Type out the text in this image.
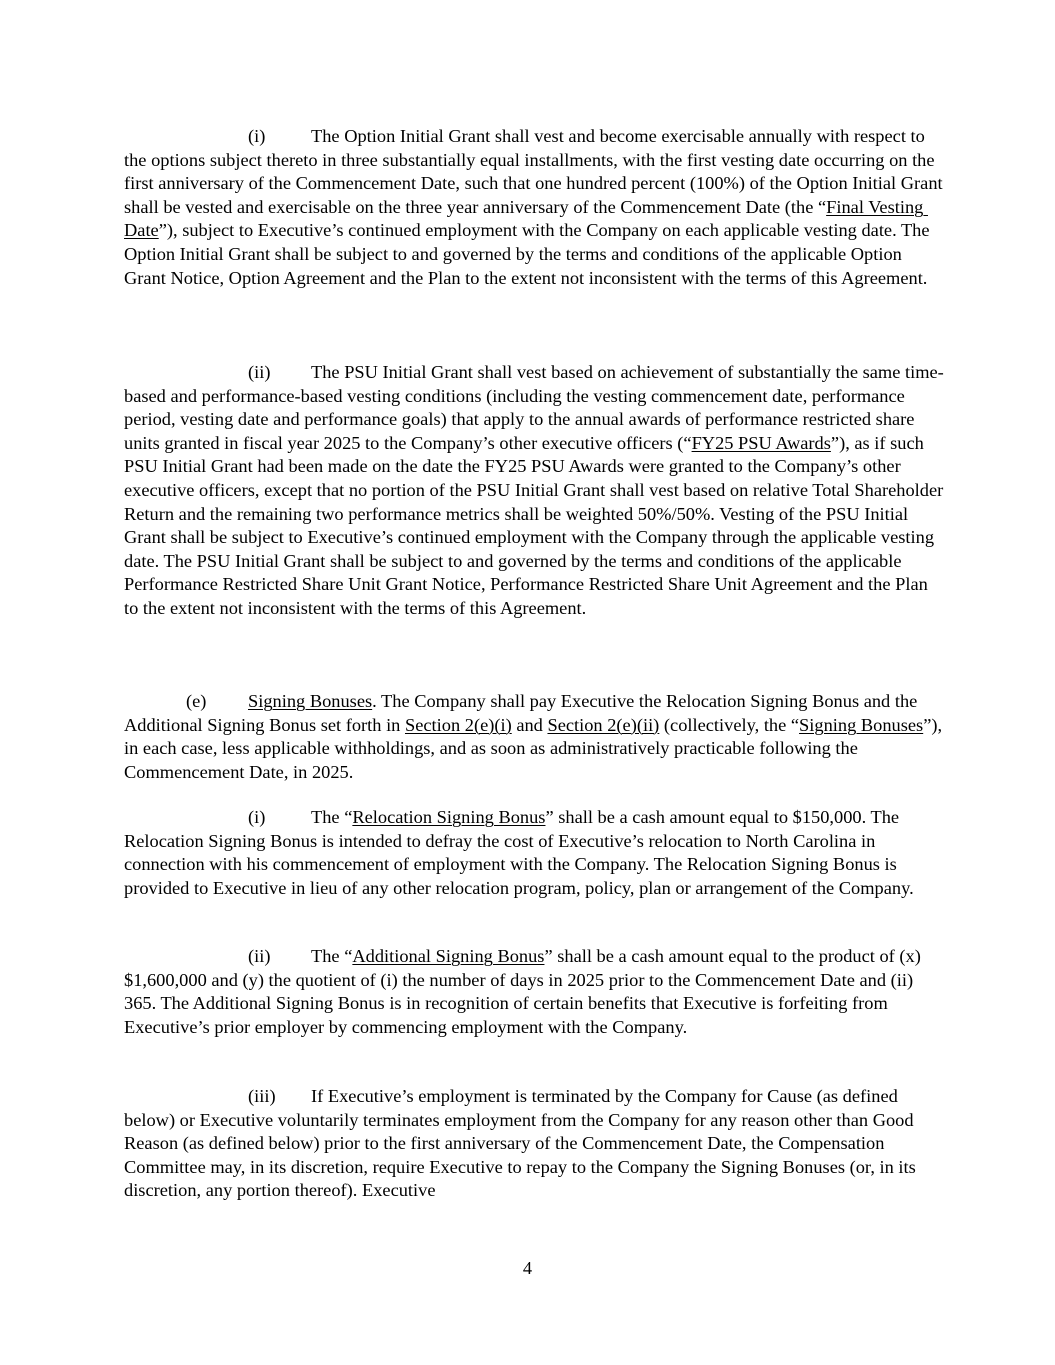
(i) The Option Initial Grant shall vest and become exercisable annually with respect to the options subject thereto in three substantially equal installments, with the first vesting date occurring on the first anniversary of the Commencement Date, such that one hundred percent (100%) of the Option Initial Grant shall be vested and exercisable on the three year anniversary of the Commencement Date (the “Final Vesting Date”), subject to Executive’s continued employment with the Company on each applicable vesting date. The Option Initial Grant shall be subject to and governed by the terms and conditions of the applicable Option Grant Notice, Option Agreement and the Plan to the extent not inconsistent with the terms of this Agreement.

(ii) The PSU Initial Grant shall vest based on achievement of substantially the same time-based and performance-based vesting conditions (including the vesting commencement date, performance period, vesting date and performance goals) that apply to the annual awards of performance restricted share units granted in fiscal year 2025 to the Company’s other executive officers (“FY25 PSU Awards”), as if such PSU Initial Grant had been made on the date the FY25 PSU Awards were granted to the Company’s other executive officers, except that no portion of the PSU Initial Grant shall vest based on relative Total Shareholder Return and the remaining two performance metrics shall be weighted 50%/50%. Vesting of the PSU Initial Grant shall be subject to Executive’s continued employment with the Company through the applicable vesting date. The PSU Initial Grant shall be subject to and governed by the terms and conditions of the applicable Performance Restricted Share Unit Grant Notice, Performance Restricted Share Unit Agreement and the Plan to the extent not inconsistent with the terms of this Agreement.

(e) Signing Bonuses. The Company shall pay Executive the Relocation Signing Bonus and the Additional Signing Bonus set forth in Section 2(e)(i) and Section 2(e)(ii) (collectively, the “Signing Bonuses”), in each case, less applicable withholdings, and as soon as administratively practicable following the Commencement Date, in 2025.

(i) The “Relocation Signing Bonus” shall be a cash amount equal to $150,000. The Relocation Signing Bonus is intended to defray the cost of Executive’s relocation to North Carolina in connection with his commencement of employment with the Company. The Relocation Signing Bonus is provided to Executive in lieu of any other relocation program, policy, plan or arrangement of the Company.

(ii) The “Additional Signing Bonus” shall be a cash amount equal to the product of (x) $1,600,000 and (y) the quotient of (i) the number of days in 2025 prior to the Commencement Date and (ii) 365. The Additional Signing Bonus is in recognition of certain benefits that Executive is forfeiting from Executive’s prior employer by commencing employment with the Company.

(iii) If Executive’s employment is terminated by the Company for Cause (as defined below) or Executive voluntarily terminates employment from the Company for any reason other than Good Reason (as defined below) prior to the first anniversary of the Commencement Date, the Compensation Committee may, in its discretion, require Executive to repay to the Company the Signing Bonuses (or, in its discretion, any portion thereof). Executive

4
